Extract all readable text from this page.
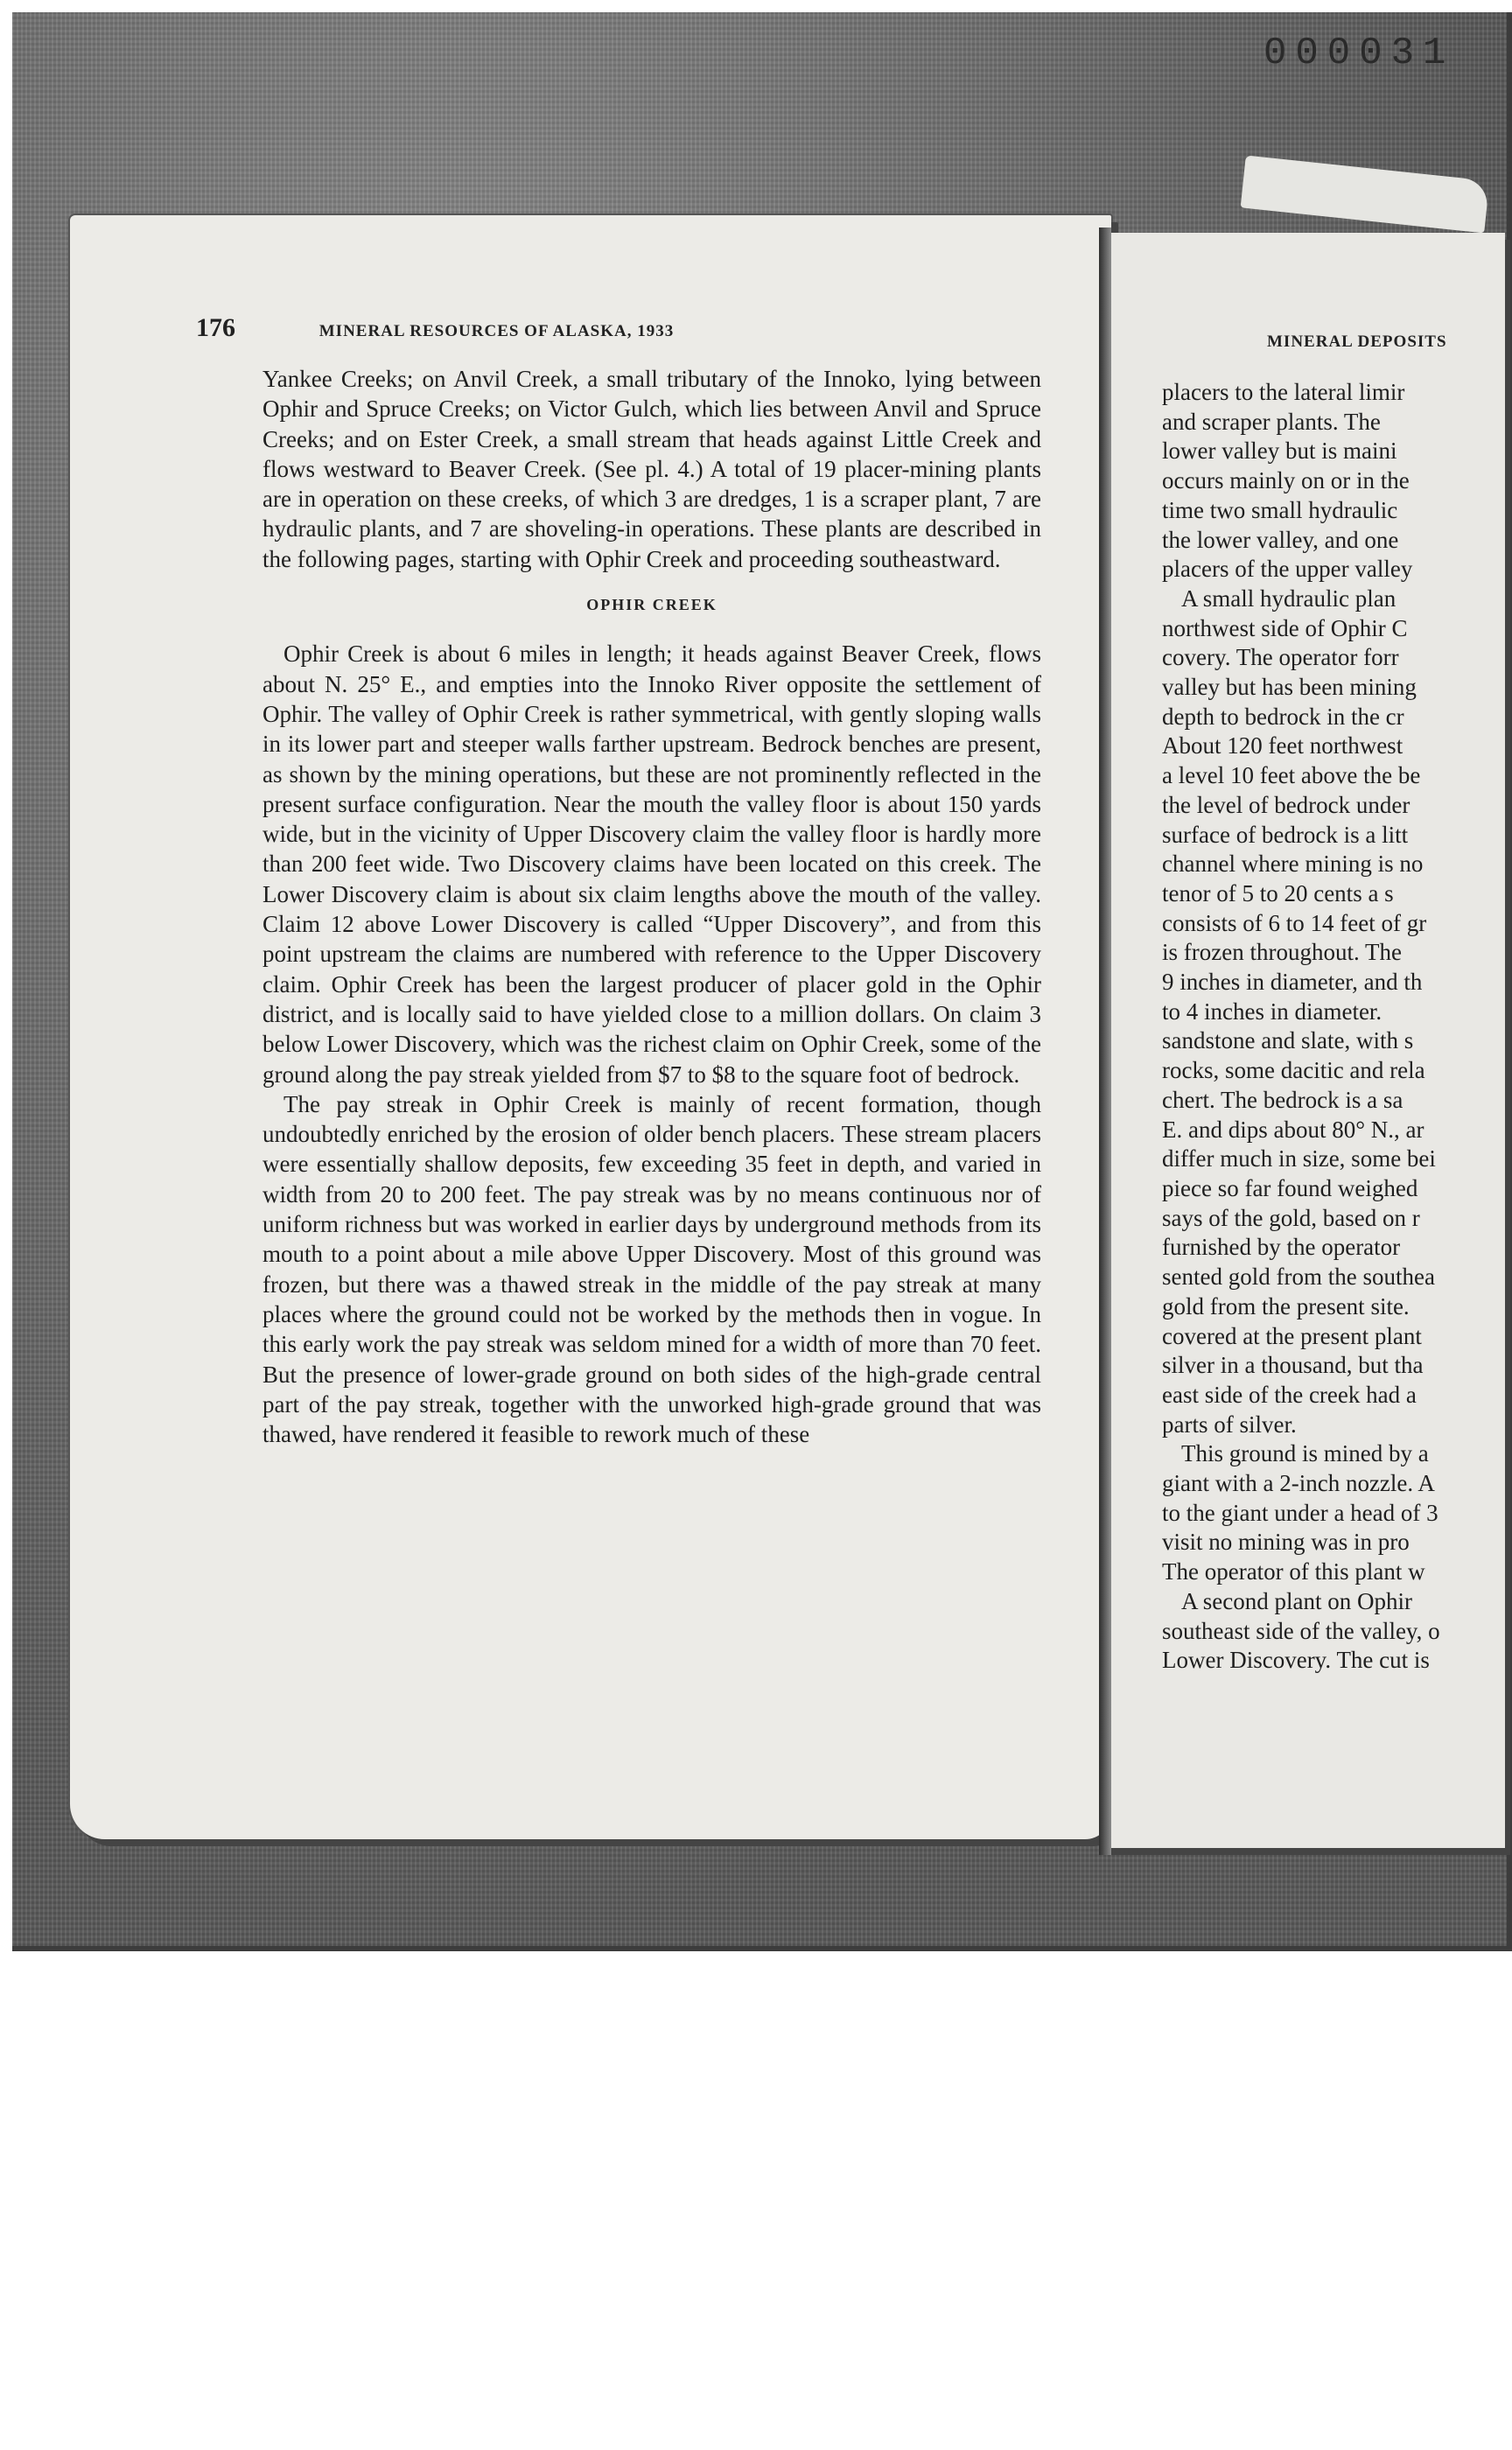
000031
176	MINERAL RESOURCES OF ALASKA, 1933

Yankee Creeks; on Anvil Creek, a small tributary of the Innoko, lying between Ophir and Spruce Creeks; on Victor Gulch, which lies between Anvil and Spruce Creeks; and on Ester Creek, a small stream that heads against Little Creek and flows westward to Beaver Creek. (See pl. 4.) A total of 19 placer-mining plants are in operation on these creeks, of which 3 are dredges, 1 is a scraper plant, 7 are hydraulic plants, and 7 are shoveling-in operations. These plants are described in the following pages, starting with Ophir Creek and proceeding southeastward.

OPHIR CREEK

Ophir Creek is about 6 miles in length; it heads against Beaver Creek, flows about N. 25° E., and empties into the Innoko River opposite the settlement of Ophir. The valley of Ophir Creek is rather symmetrical, with gently sloping walls in its lower part and steeper walls farther upstream. Bedrock benches are present, as shown by the mining operations, but these are not prominently reflected in the present surface configuration. Near the mouth the valley floor is about 150 yards wide, but in the vicinity of Upper Discovery claim the valley floor is hardly more than 200 feet wide. Two Discovery claims have been located on this creek. The Lower Discovery claim is about six claim lengths above the mouth of the valley. Claim 12 above Lower Discovery is called “Upper Discovery”, and from this point upstream the claims are numbered with reference to the Upper Discovery claim. Ophir Creek has been the largest producer of placer gold in the Ophir district, and is locally said to have yielded close to a million dollars. On claim 3 below Lower Discovery, which was the richest claim on Ophir Creek, some of the ground along the pay streak yielded from $7 to $8 to the square foot of bedrock.

The pay streak in Ophir Creek is mainly of recent formation, though undoubtedly enriched by the erosion of older bench placers. These stream placers were essentially shallow deposits, few exceeding 35 feet in depth, and varied in width from 20 to 200 feet. The pay streak was by no means continuous nor of uniform richness but was worked in earlier days by underground methods from its mouth to a point about a mile above Upper Discovery. Most of this ground was frozen, but there was a thawed streak in the middle of the pay streak at many places where the ground could not be worked by the methods then in vogue. In this early work the pay streak was seldom mined for a width of more than 70 feet. But the presence of lower-grade ground on both sides of the high-grade central part of the pay streak, together with the unworked high-grade ground that was thawed, have rendered it feasible to rework much of these

MINERAL DEPOSITS
placers to the lateral limir
and scraper plants. The
lower valley but is maini
occurs mainly on or in the
time two small hydraulic
the lower valley, and one
placers of the upper valley
A small hydraulic plan
northwest side of Ophir C
covery. The operator forr
valley but has been mining
depth to bedrock in the cr
About 120 feet northwest
a level 10 feet above the be
the level of bedrock under
surface of bedrock is a litt
channel where mining is no
tenor of 5 to 20 cents a s
consists of 6 to 14 feet of gr
is frozen throughout. The
9 inches in diameter, and th
to 4 inches in diameter.
sandstone and slate, with s
rocks, some dacitic and rela
chert. The bedrock is a sa
E. and dips about 80° N., ar
differ much in size, some bei
piece so far found weighed
says of the gold, based on r
furnished by the operator
sented gold from the southea
gold from the present site.
covered at the present plant
silver in a thousand, but tha
east side of the creek had a
parts of silver.
This ground is mined by a
giant with a 2-inch nozzle. A
to the giant under a head of 3
visit no mining was in pro
The operator of this plant w
A second plant on Ophir
southeast side of the valley, o
Lower Discovery. The cut is
